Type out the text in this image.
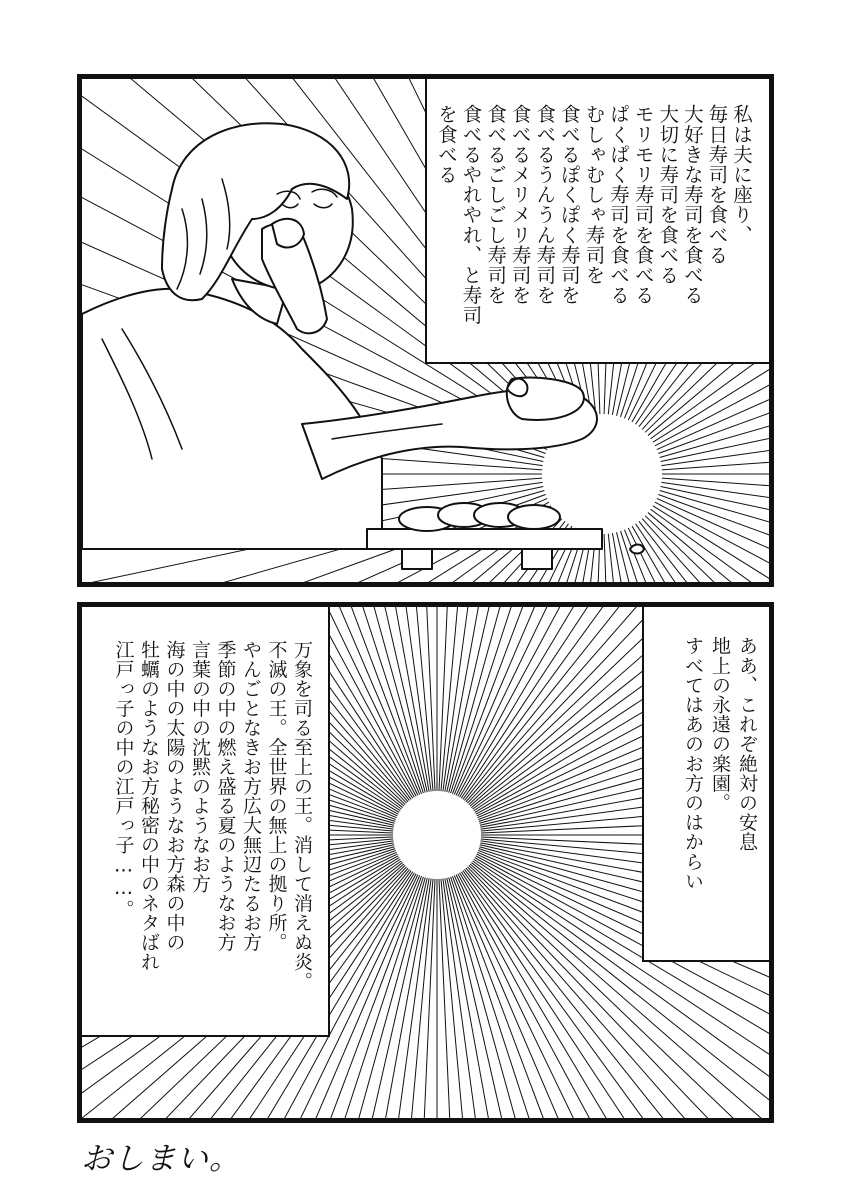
私は夫に座り、
毎日寿司を食べる
大好きな寿司を食べる
大切に寿司を食べる
モリモリ寿司を食べる
ぱくぱく寿司を食べる
むしゃむしゃ寿司を
食べるぽくぽく寿司を
食べるうんうん寿司を
食べるメリメリ寿司を
食べるごしごし寿司を
食べるやれやれ、と寿司
を食べる
万象を司る至上の王。消して消えぬ炎。
不滅の王。全世界の無上の拠り所。
やんごとなきお方広大無辺たるお方
季節の中の燃え盛る夏のようなお方
言葉の中の沈黙のようなお方
海の中の太陽のようなお方森の中の
牡蠣のようなお方秘密の中のネタばれ
江戸っ子の中の江戸っ子……。	ああ、これぞ絶対の安息
地上の永遠の楽園。
すべてはあのお方のはからい
おしまい。
